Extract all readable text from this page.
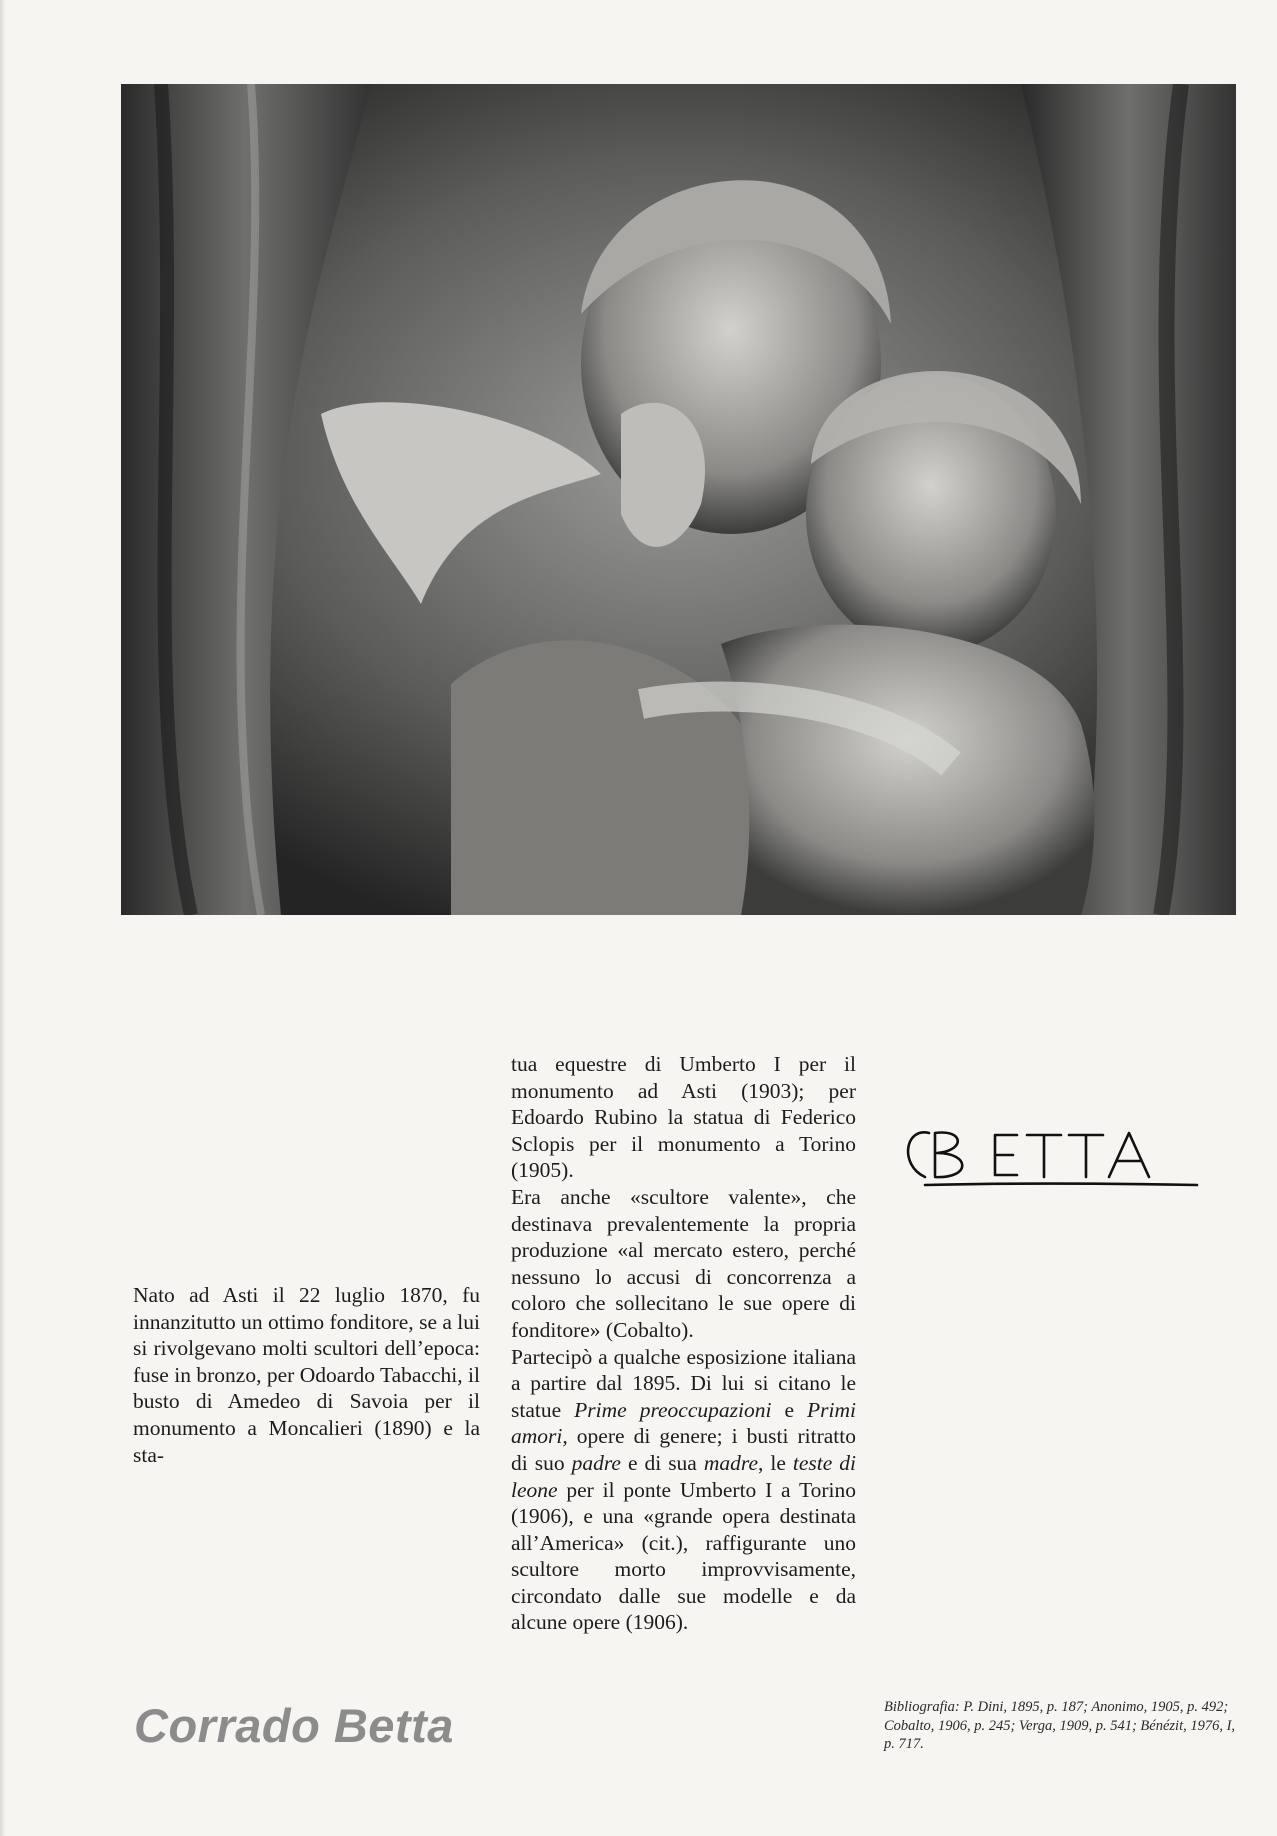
Nato ad Asti il 22 luglio 1870, fu innanzitutto un ottimo fonditore, se a lui si rivolgevano molti scultori dell’epoca: fuse in bronzo, per Odoardo Tabacchi, il busto di Amedeo di Savoia per il monumento a Moncalieri (1890) e la sta-

tua equestre di Umberto I per il monumento ad Asti (1903); per Edoardo Rubino la statua di Federico Sclopis per il monumento a Torino (1905).

Era anche «scultore valente», che destinava prevalentemente la propria produzione «al mercato estero, perché nessuno lo accusi di concorrenza a coloro che sollecitano le sue opere di fonditore» (Cobalto).

Partecipò a qualche esposizione italiana a partire dal 1895. Di lui si citano le statue Prime preoccupazioni e Primi amori, opere di genere; i busti ritratto di suo padre e di sua madre, le teste di leone per il ponte Umberto I a Torino (1906), e una «grande opera destinata all’America» (cit.), raffigurante uno scultore morto improvvisamente, circondato dalle sue modelle e da alcune opere (1906).

Corrado Betta	Bibliografia: P. Dini, 1895, p. 187; Anonimo, 1905, p. 492; Cobalto, 1906, p. 245; Verga, 1909, p. 541; Bénézit, 1976, I, p. 717.
